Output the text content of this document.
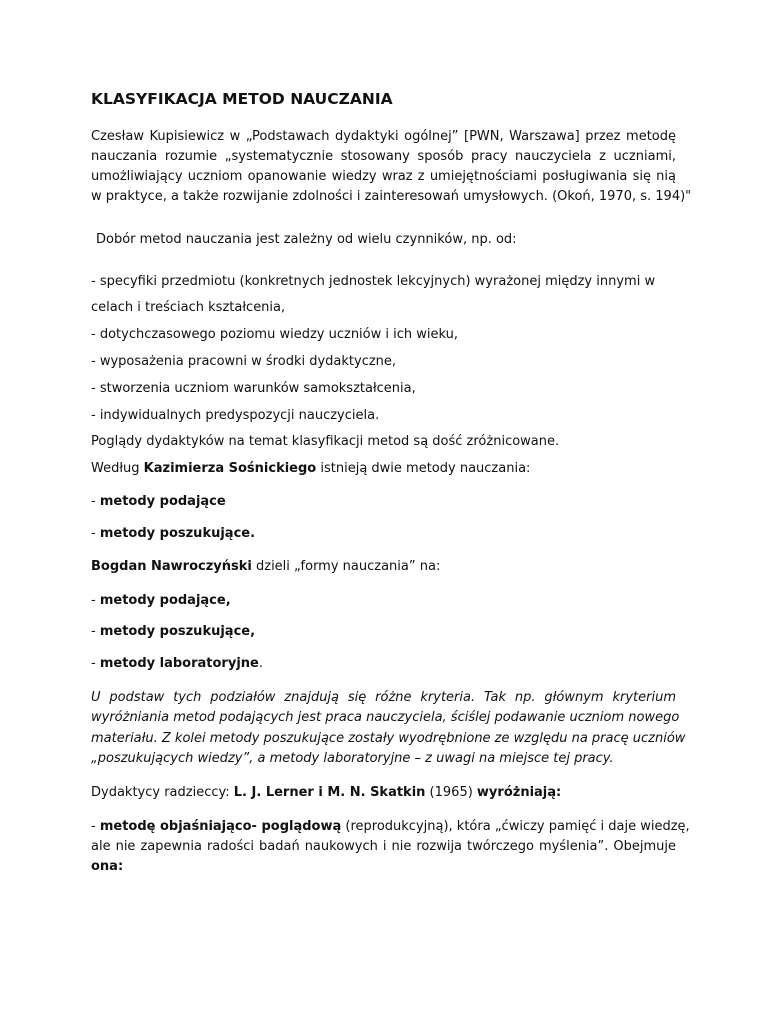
KLASYFIKACJA METOD NAUCZANIA
Czesław Kupisiewicz w „Podstawach dydaktyki ogólnej” [PWN, Warszawa] przez metodę
nauczania rozumie „systematycznie stosowany sposób pracy nauczyciela z uczniami,
umożliwiający uczniom opanowanie wiedzy wraz z umiejętnościami posługiwania się nią
w praktyce, a także rozwijanie zdolności i zainteresowań umysłowych. (Okoń, 1970, s. 194)"
Dobór metod nauczania jest zależny od wielu czynników, np. od:
- specyfiki przedmiotu (konkretnych jednostek lekcyjnych) wyrażonej między innymi w
celach i treściach kształcenia,
- dotychczasowego poziomu wiedzy uczniów i ich wieku,
- wyposażenia pracowni w środki dydaktyczne,
- stworzenia uczniom warunków samokształcenia,
- indywidualnych predyspozycji nauczyciela.
Poglądy dydaktyków na temat klasyfikacji metod są dość zróżnicowane.
Według Kazimierza Sośnickiego istnieją dwie metody nauczania:
- metody podające
- metody poszukujące.
Bogdan Nawroczyński dzieli „formy nauczania” na:
- metody podające,
- metody poszukujące,
- metody laboratoryjne.
U podstaw tych podziałów znajdują się różne kryteria. Tak np. głównym kryterium
wyróżniania metod podających jest praca nauczyciela, ściślej podawanie uczniom nowego
materiału. Z kolei metody poszukujące zostały wyodrębnione ze względu na pracę uczniów
„poszukujących wiedzy”, a metody laboratoryjne – z uwagi na miejsce tej pracy.
Dydaktycy radzieccy: L. J. Lerner i M. N. Skatkin (1965) wyróżniają:
- metodę objaśniająco- poglądową (reprodukcyjną), która „ćwiczy pamięć i daje wiedzę,
ale nie zapewnia radości badań naukowych i nie rozwija twórczego myślenia”. Obejmuje
ona:
